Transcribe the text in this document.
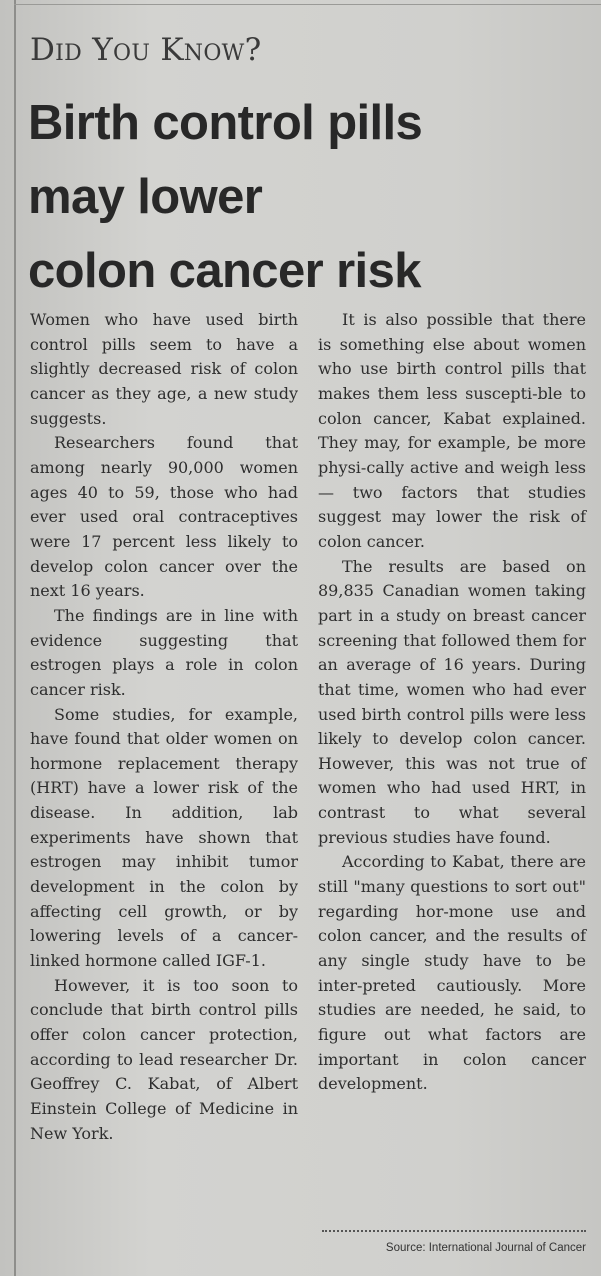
Did You Know?
Birth control pills
may lower
colon cancer risk

Women who have used birth control pills seem to have a slightly decreased risk of colon cancer as they age, a new study suggests.

Researchers found that among nearly 90,000 women ages 40 to 59, those who had ever used oral contraceptives were 17 percent less likely to develop colon cancer over the next 16 years.

The findings are in line with evidence suggesting that estrogen plays a role in colon cancer risk.

Some studies, for example, have found that older women on hormone replacement therapy (HRT) have a lower risk of the disease. In addition, lab experiments have shown that estrogen may inhibit tumor development in the colon by affecting cell growth, or by lowering levels of a cancer-linked hormone called IGF-1.

However, it is too soon to conclude that birth control pills offer colon cancer protection, according to lead researcher Dr. Geoffrey C. Kabat, of Albert Einstein College of Medicine in New York.

It is also possible that there is something else about women who use birth control pills that makes them less suscepti-ble to colon cancer, Kabat explained. They may, for example, be more physi-cally active and weigh less — two factors that studies suggest may lower the risk of colon cancer.

The results are based on 89,835 Canadian women taking part in a study on breast cancer screening that followed them for an average of 16 years. During that time, women who had ever used birth control pills were less likely to develop colon cancer. However, this was not true of women who had used HRT, in contrast to what several previous studies have found.

According to Kabat, there are still "many questions to sort out" regarding hor-mone use and colon cancer, and the results of any single study have to be inter-preted cautiously. More studies are needed, he said, to figure out what factors are important in colon cancer development.

Source: International Journal of Cancer
